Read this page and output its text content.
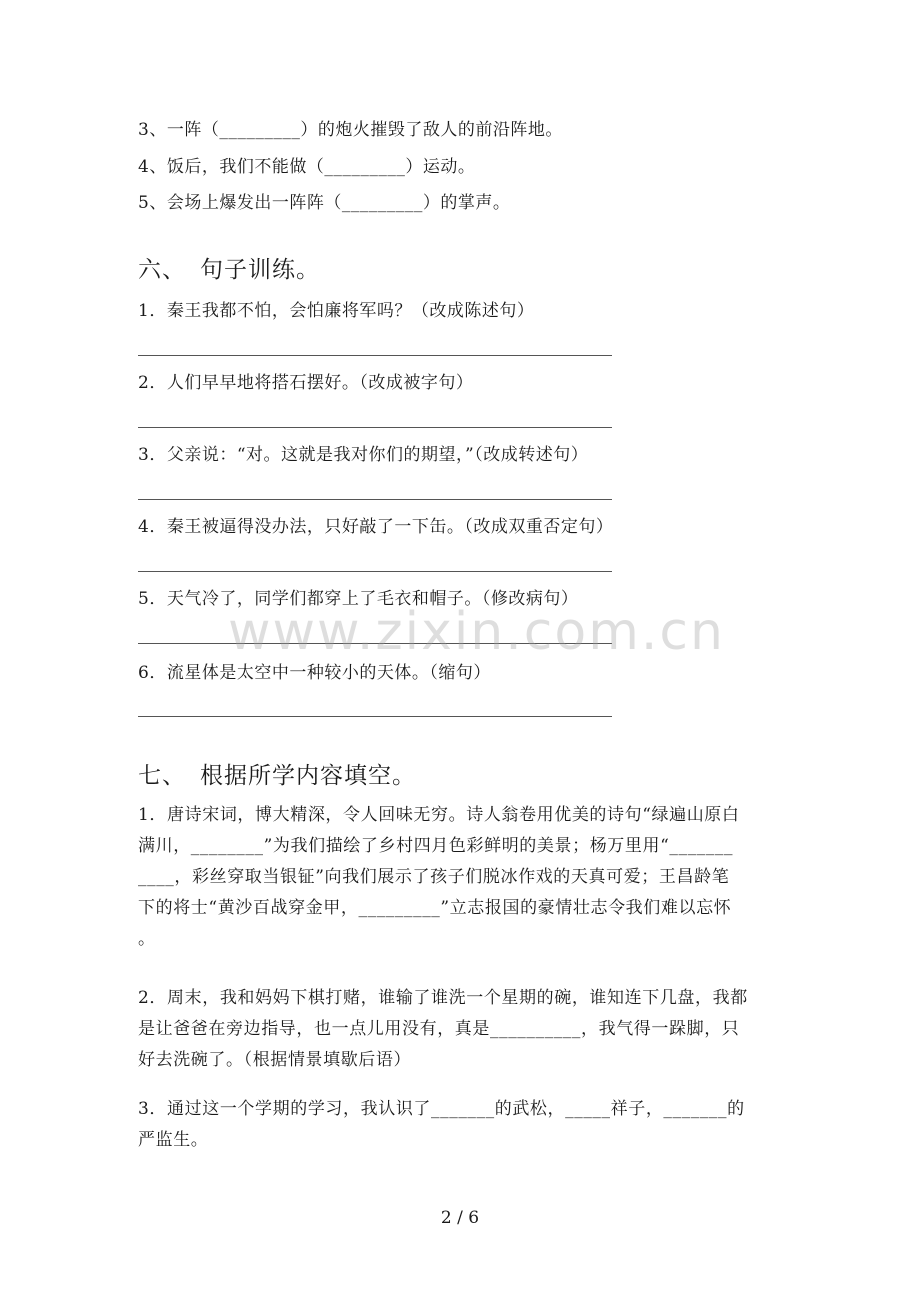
3、一阵（_________）的炮火摧毁了敌人的前沿阵地。
4、饭后，我们不能做（_________）运动。
5、会场上爆发出一阵阵（_________）的掌声。
六、 句子训练。
1．秦王我都不怕，会怕廉将军吗？（改成陈述句）
2．人们早早地将搭石摆好。（改成被字句）
3．父亲说：“对。这就是我对你们的期望，”（改成转述句）
4．秦王被逼得没办法，只好敲了一下缶。（改成双重否定句）
5．天气冷了，同学们都穿上了毛衣和帽子。（修改病句）
6．流星体是太空中一种较小的天体。（缩句）
www.zixin.com.cn
七、 根据所学内容填空。
1．唐诗宋词，博大精深，令人回味无穷。诗人翁卷用优美的诗句“绿遍山原白
满川，________”为我们描绘了乡村四月色彩鲜明的美景；杨万里用“_______
____，彩丝穿取当银钲”向我们展示了孩子们脱冰作戏的天真可爱；王昌龄笔
下的将士“黄沙百战穿金甲，_________”立志报国的豪情壮志令我们难以忘怀
。
2．周末，我和妈妈下棋打赌，谁输了谁洗一个星期的碗，谁知连下几盘，我都
是让爸爸在旁边指导，也一点儿用没有，真是__________，我气得一跺脚，只
好去洗碗了。（根据情景填歇后语）
3．通过这一个学期的学习，我认识了_______的武松，_____祥子，_______的
严监生。
2 / 6
